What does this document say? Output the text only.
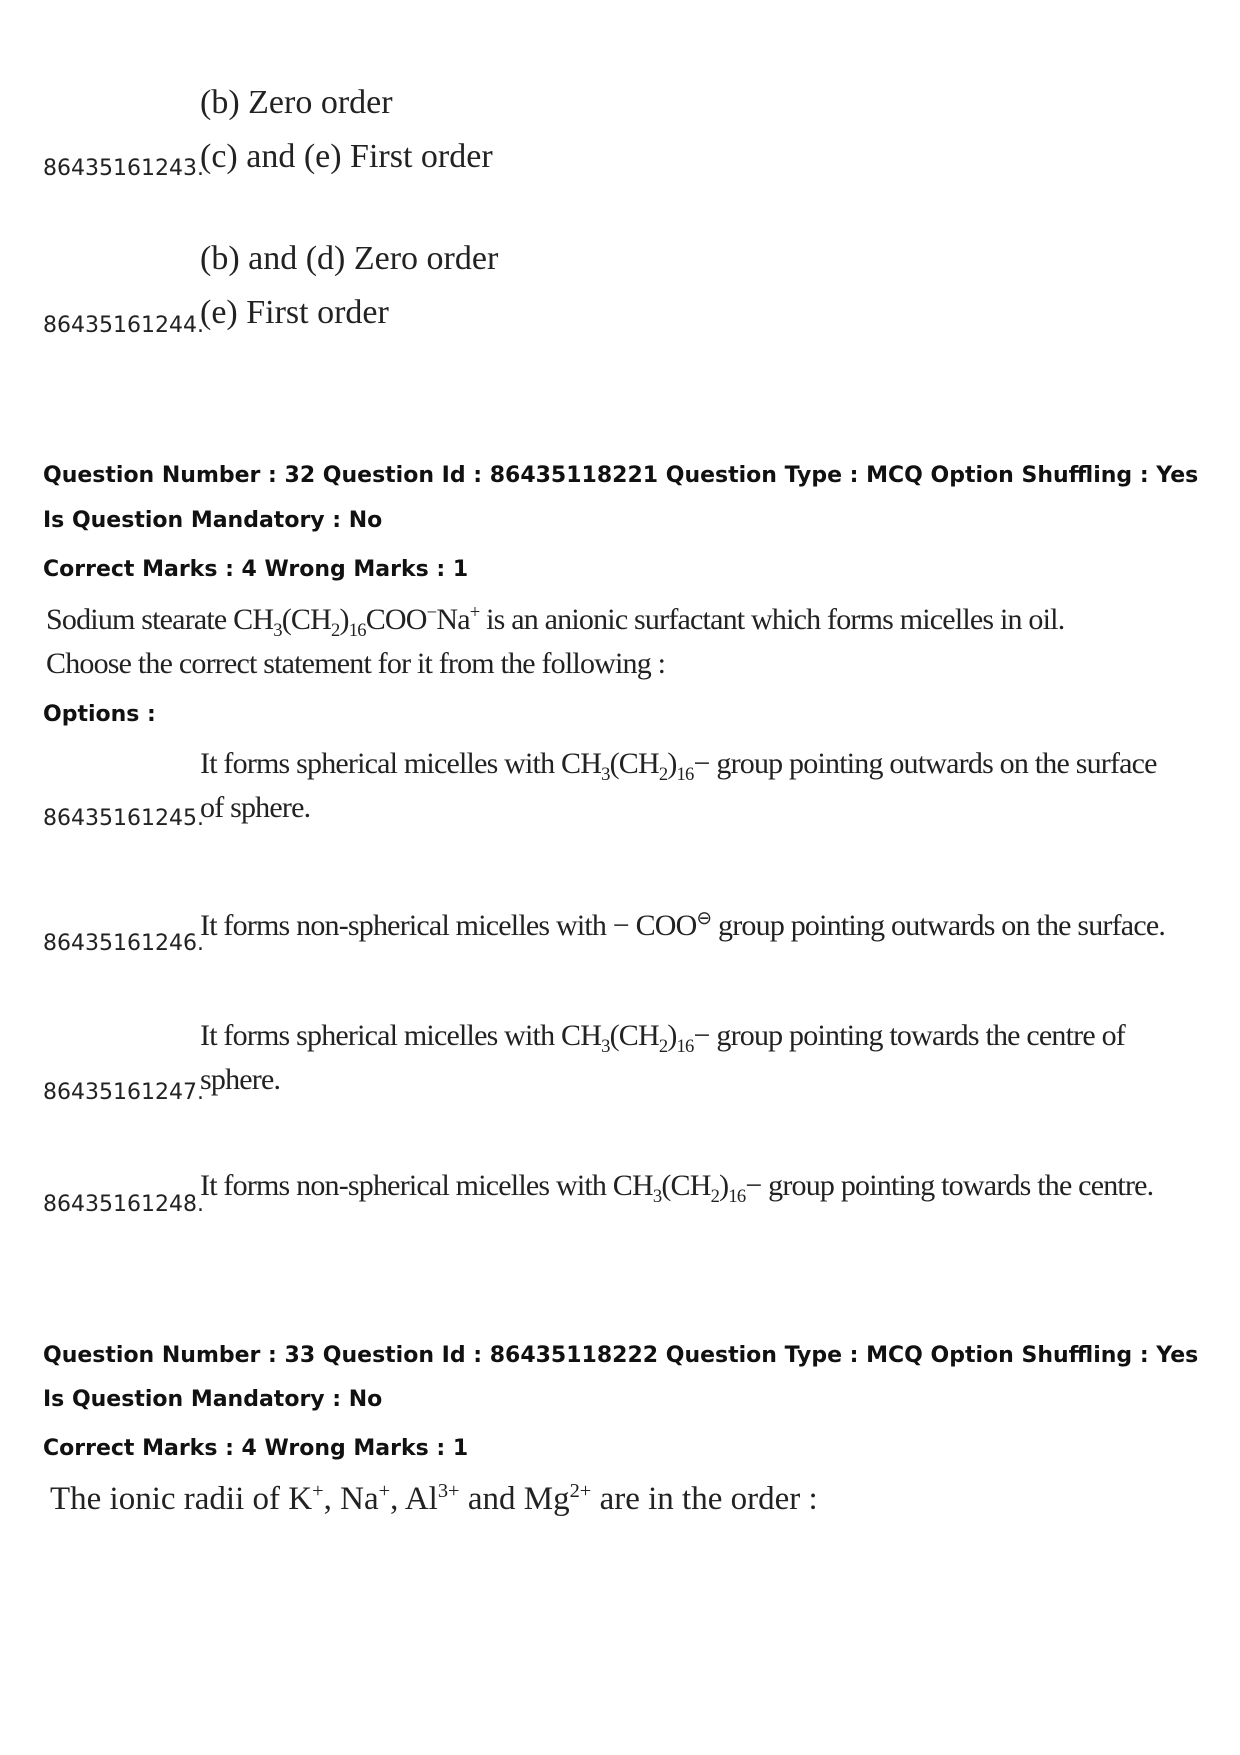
(b) Zero order
(c) and (e) First order
86435161243.
(b) and (d) Zero order
(e) First order
86435161244.
Question Number : 32 Question Id : 86435118221 Question Type : MCQ Option Shuffling : Yes
Is Question Mandatory : No
Correct Marks : 4 Wrong Marks : 1
Sodium stearate $CH_3(CH_2)_{16}COO^-Na^+$ is an anionic surfactant which forms micelles in oil.
Choose the correct statement for it from the following :
Options :
It forms spherical micelles with $CH_3(CH_2)_{16}-$ group pointing outwards on the surface
of sphere.
86435161245.
It forms non-spherical micelles with − COO⊖ group pointing outwards on the surface.
86435161246.
It forms spherical micelles with $CH_3(CH_2)_{16}-$ group pointing towards the centre of
sphere.
86435161247.
It forms non-spherical micelles with $CH_3(CH_2)_{16}-$ group pointing towards the centre.
86435161248.
Question Number : 33 Question Id : 86435118222 Question Type : MCQ Option Shuffling : Yes
Is Question Mandatory : No
Correct Marks : 4 Wrong Marks : 1
The ionic radii of K+, Na+, $Al^{3+}$ and $Mg^{2+}$ are in the order :
